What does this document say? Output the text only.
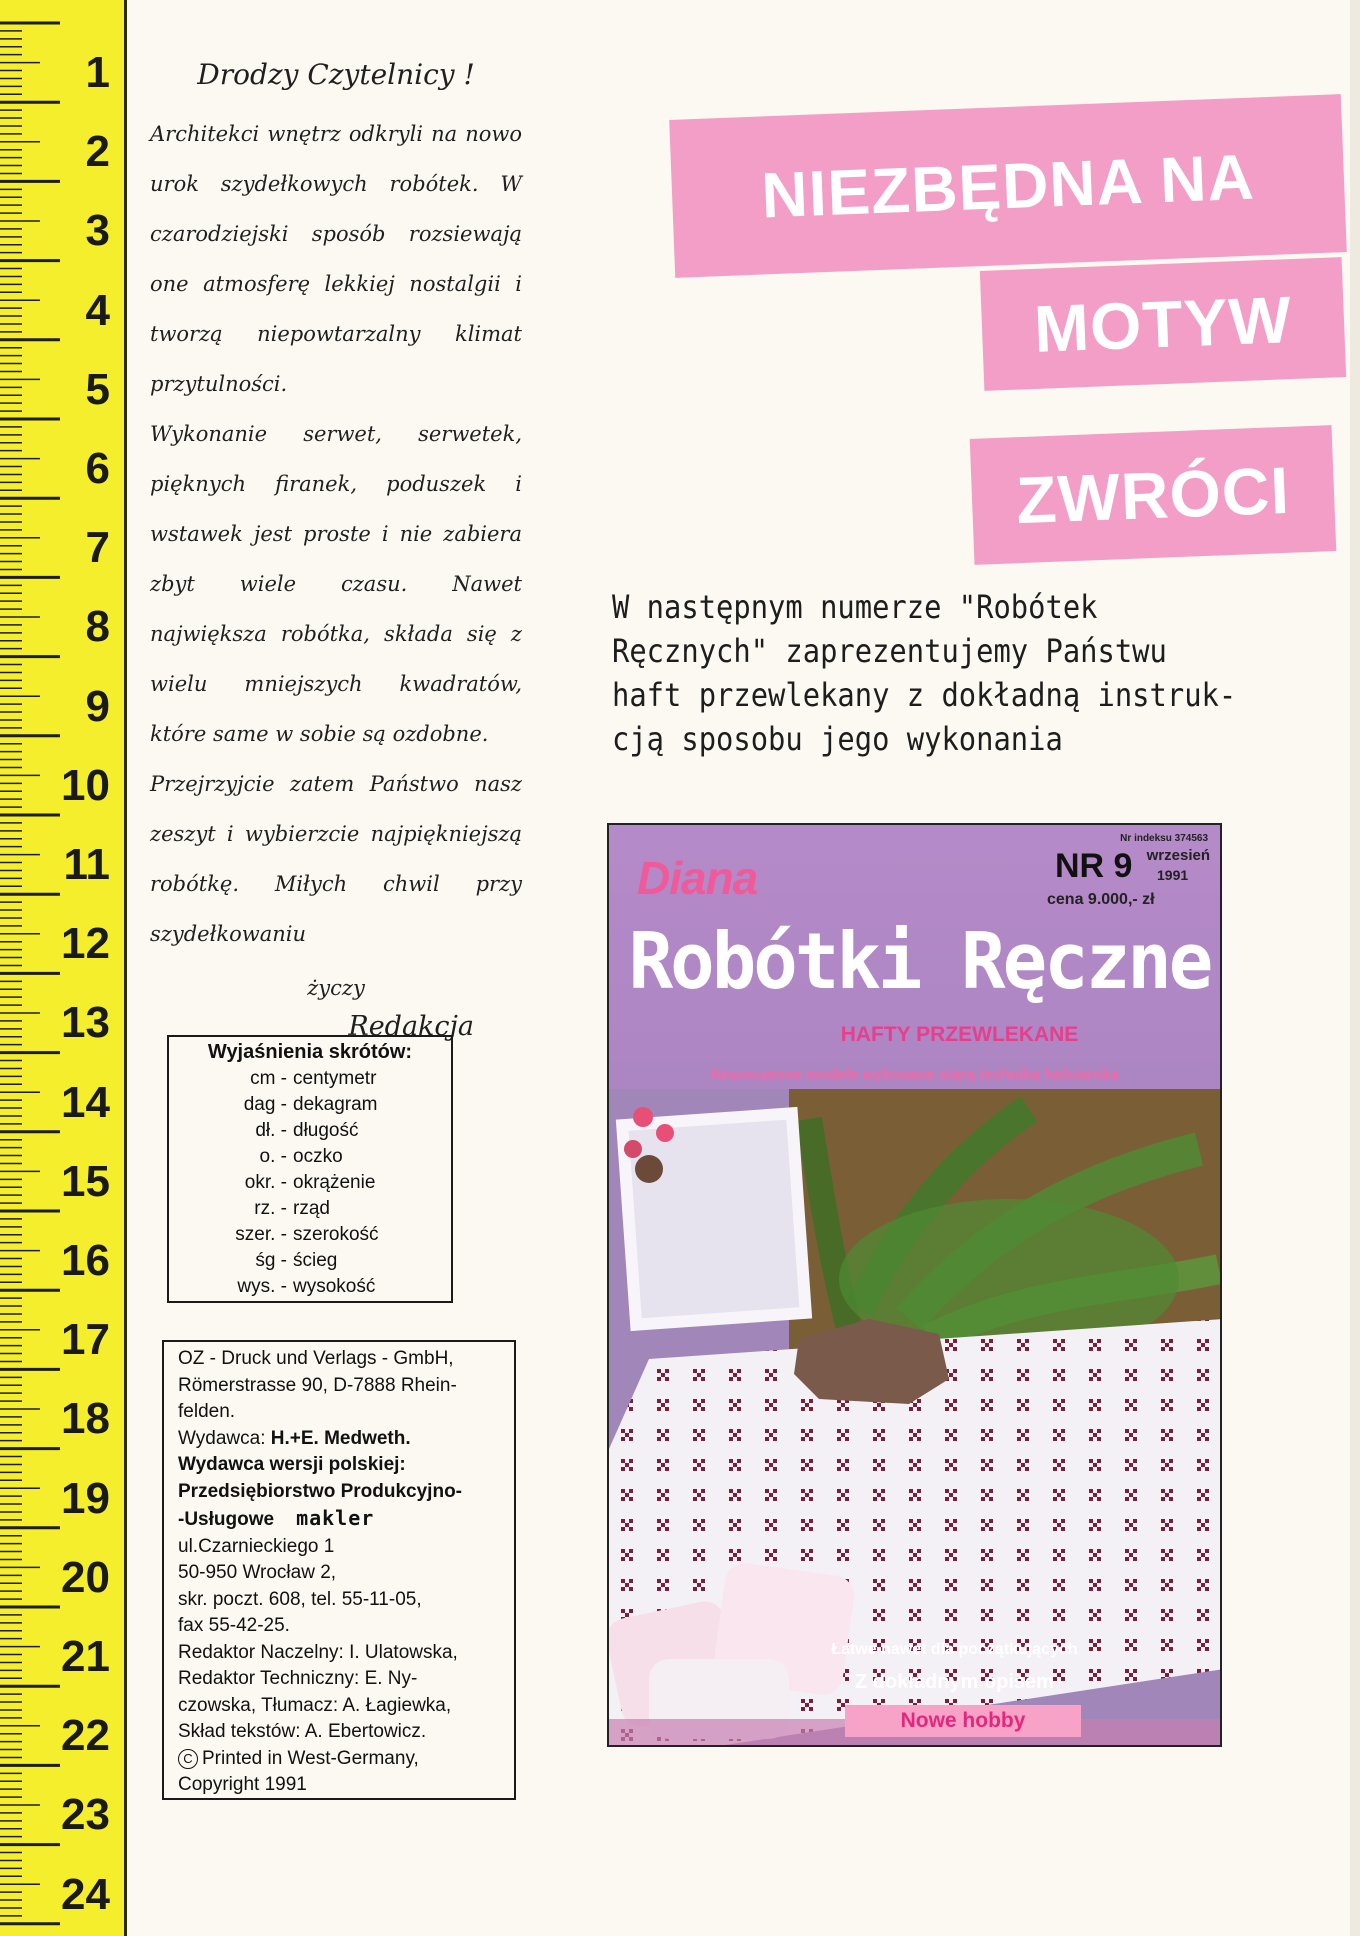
1
2
3
4
5
6
7
8
9
10
11
12
13
14
15
16
17
18
19
20
21
22
23
24
Drodzy Czytelnicy !

Architekci wnętrz odkryli na nowo urok szydełkowych robótek. W czarodziejski sposób rozsiewają one atmosferę lekkiej nostalgii i tworzą niepowtarzalny klimat przytulności.

Wykonanie serwet, serwetek, pięknych firanek, poduszek i wstawek jest proste i nie zabiera zbyt wiele czasu. Nawet największa robótka, składa się z wielu mniejszych kwadratów, które same w sobie są ozdobne.

Przejrzyjcie zatem Państwo nasz zeszyt i wybierzcie najpiękniejszą robótkę. Miłych chwil przy szydełkowaniu

życzy
Redakcja
Wyjaśnienia skrótów:
cm - centymetr
dag - dekagram
dł. - długość
o. - oczko
okr. - okrążenie
rz. - rząd
szer. - szerokość
śg - ścieg
wys. - wysokość
OZ - Druck und Verlags - GmbH,
Römerstrasse 90, D-7888 Rhein-
felden.
Wydawca: H.+E. Medweth.
Wydawca wersji polskiej:
Przedsiębiorstwo Produkcyjno-
-Usługowe makler
ul.Czarnieckiego 1
50-950 Wrocław 2,
skr. poczt. 608, tel. 55-11-05,
fax 55-42-25.
Redaktor Naczelny: I. Ulatowska,
Redaktor Techniczny: E. Ny-
czowska, Tłumacz: A. Łagiewka,
Skład tekstów: A. Ebertowicz.
C Printed in West-Germany,
Copyright 1991
NIEZBĘDNA NA
MOTYW
ZWRÓCI
W następnym numerze "Robótek
Ręcznych" zaprezentujemy Państwu
haft przewlekany z dokładną instruk-
cją sposobu jego wykonania
Diana
Nr indeksu 374563
NR 9 wrzesień
1991
cena 9.000,- zł
Robótki Ręczne
HAFTY PRZEWLEKANE
Nowoczesne modele wykonane starą techniką hafciarską
Łatwe nawet dla początkujących
Z dokładnym opisem
Nowe hobby
